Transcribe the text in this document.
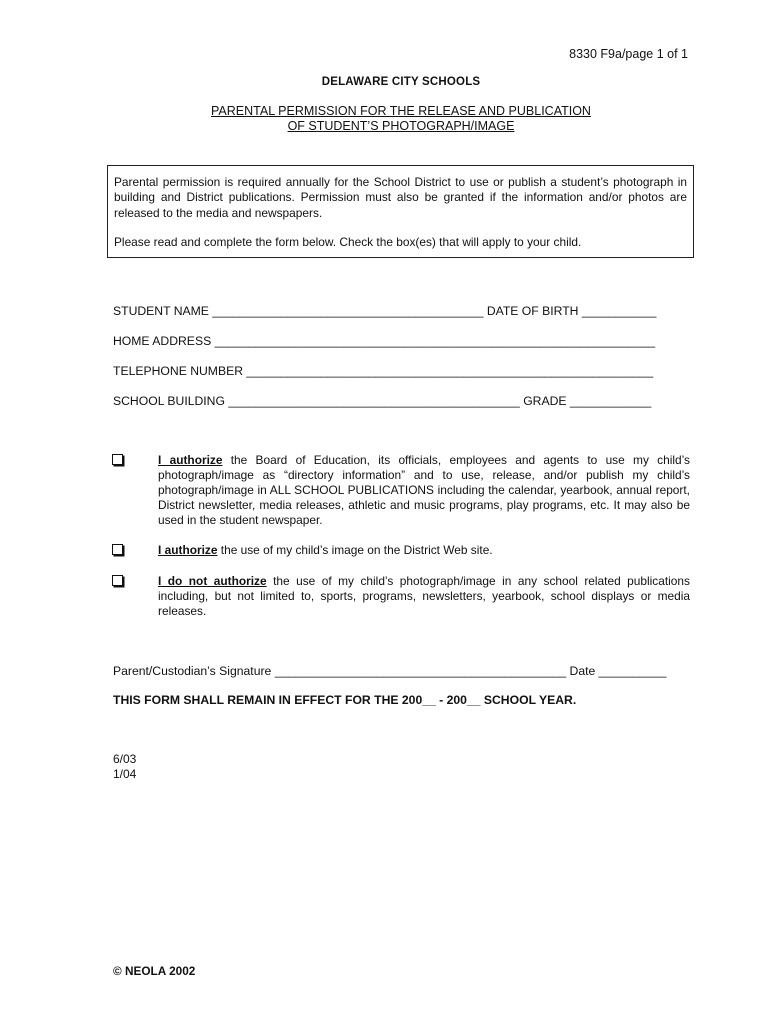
8330 F9a/page 1 of 1
DELAWARE CITY SCHOOLS
PARENTAL PERMISSION FOR THE RELEASE AND PUBLICATION
OF STUDENT’S PHOTOGRAPH/IMAGE

Parental permission is required annually for the School District to use or publish a student’s photograph in building and District publications. Permission must also be granted if the information and/or photos are released to the media and newspapers.

Please read and complete the form below. Check the box(es) that will apply to your child.

STUDENT NAME ________________________________________ DATE OF BIRTH ___________
HOME ADDRESS _________________________________________________________________
TELEPHONE NUMBER ____________________________________________________________
SCHOOL BUILDING ___________________________________________ GRADE ____________
I authorize the Board of Education, its officials, employees and agents to use my child’s photograph/image as “directory information” and to use, release, and/or publish my child’s photograph/image in ALL SCHOOL PUBLICATIONS including the calendar, yearbook, annual report, District newsletter, media releases, athletic and music programs, play programs, etc. It may also be used in the student newspaper.
I authorize the use of my child’s image on the District Web site.
I do not authorize the use of my child’s photograph/image in any school related publications including, but not limited to, sports, programs, newsletters, yearbook, school displays or media releases.
Parent/Custodian’s Signature ___________________________________________ Date __________
THIS FORM SHALL REMAIN IN EFFECT FOR THE 200__ - 200__ SCHOOL YEAR.
6/03
1/04
© NEOLA 2002
